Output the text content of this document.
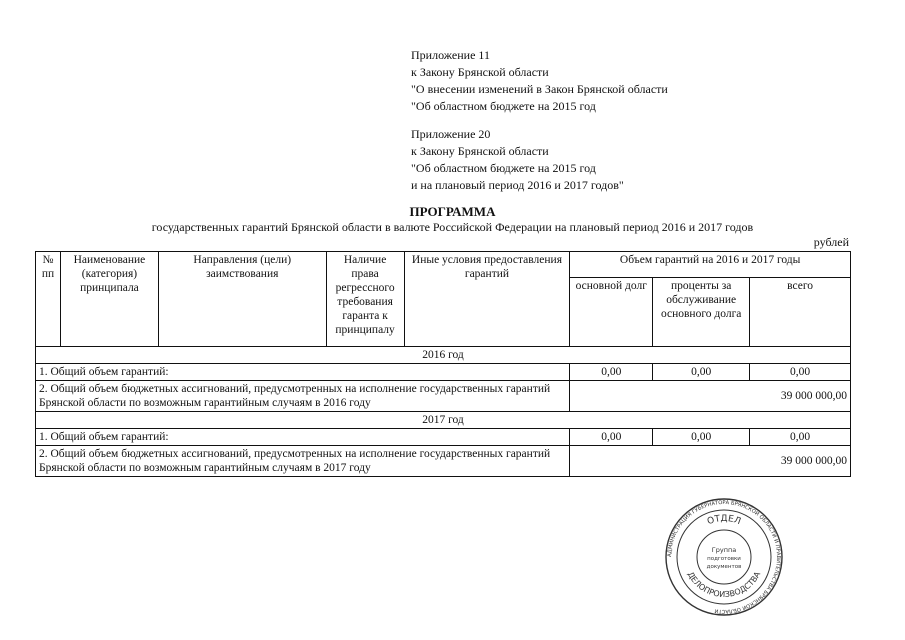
Приложение 11
к Закону Брянской области
"О внесении изменений в Закон Брянской области
"Об областном бюджете на 2015 год
Приложение 20
к Закону Брянской области
"Об областном бюджете на 2015 год
и на плановый период 2016 и 2017 годов"
ПРОГРАММА
государственных гарантий Брянской области в валюте Российской Федерации на плановый период 2016 и 2017 годов
рублей
№ пп	Наименование (категория) принципала	Направления (цели) заимствования	Наличие права регрессного требования гаранта к принципалу	Иные условия предоставления гарантий	Объем гарантий на 2016 и 2017 годы		
					основной долг	проценты за обслуживание основного долга	всего
2016 год							
1. Общий объем гарантий:					0,00	0,00	0,00
2. Общий объем бюджетных ассигнований, предусмотренных на исполнение государственных гарантий Брянской области по возможным гарантийным случаям в 2016 году					39 000 000,00		
2017 год							
1. Общий объем гарантий:					0,00	0,00	0,00
2. Общий объем бюджетных ассигнований, предусмотренных на исполнение государственных гарантий Брянской области по возможным гарантийным случаям в 2017 году					39 000 000,00		
АДМИНИСТРАЦИЯ ГУБЕРНАТОРА БРЯНСКОЙ ОБЛАСТИ И ПРАВИТЕЛЬСТВА БРЯНСКОЙ ОБЛАСТИ
ОТДЕЛ
ДЕЛОПРОИЗВОДСТВА
Группа
подготовки
документов
